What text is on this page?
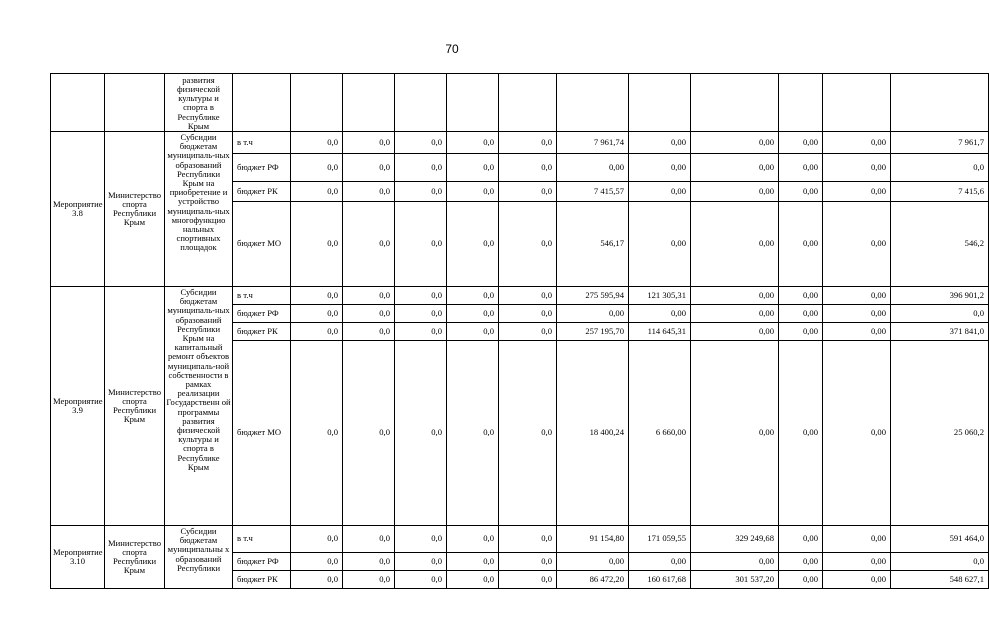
70
		развития физической культуры и спорта в Республике Крым												
Мероприятие 3.8	Министерство спорта Республики Крым	Субсидии бюджетам муниципаль-ных образований Республики Крым на приобретение и устройство муниципаль-ных многофункцио нальных спортивных площадок	в т.ч	0,0	0,0	0,0	0,0	0,0	7 961,74	0,00	0,00	0,00	0,00	7 961,7
			бюджет РФ	0,0	0,0	0,0	0,0	0,0	0,00	0,00	0,00	0,00	0,00	0,0
			бюджет РК	0,0	0,0	0,0	0,0	0,0	7 415,57	0,00	0,00	0,00	0,00	7 415,6
			бюджет МО	0,0	0,0	0,0	0,0	0,0	546,17	0,00	0,00	0,00	0,00	546,2
Мероприятие 3.9	Министерство спорта Республики Крым	Субсидии бюджетам муниципаль-ных образований Республики Крым на капитальный ремонт объектов муниципаль-ной собственности в рамках реализации Государственн ой программы развития физической культуры и спорта в Республике Крым	в т.ч	0,0	0,0	0,0	0,0	0,0	275 595,94	121 305,31	0,00	0,00	0,00	396 901,2
			бюджет РФ	0,0	0,0	0,0	0,0	0,0	0,00	0,00	0,00	0,00	0,00	0,0
			бюджет РК	0,0	0,0	0,0	0,0	0,0	257 195,70	114 645,31	0,00	0,00	0,00	371 841,0
			бюджет МО	0,0	0,0	0,0	0,0	0,0	18 400,24	6 660,00	0,00	0,00	0,00	25 060,2
Мероприятие 3.10	Министерство спорта Республики Крым	Субсидии бюджетам муниципальны х образований Республики	в т.ч	0,0	0,0	0,0	0,0	0,0	91 154,80	171 059,55	329 249,68	0,00	0,00	591 464,0
			бюджет РФ	0,0	0,0	0,0	0,0	0,0	0,00	0,00	0,00	0,00	0,00	0,0
			бюджет РК	0,0	0,0	0,0	0,0	0,0	86 472,20	160 617,68	301 537,20	0,00	0,00	548 627,1
